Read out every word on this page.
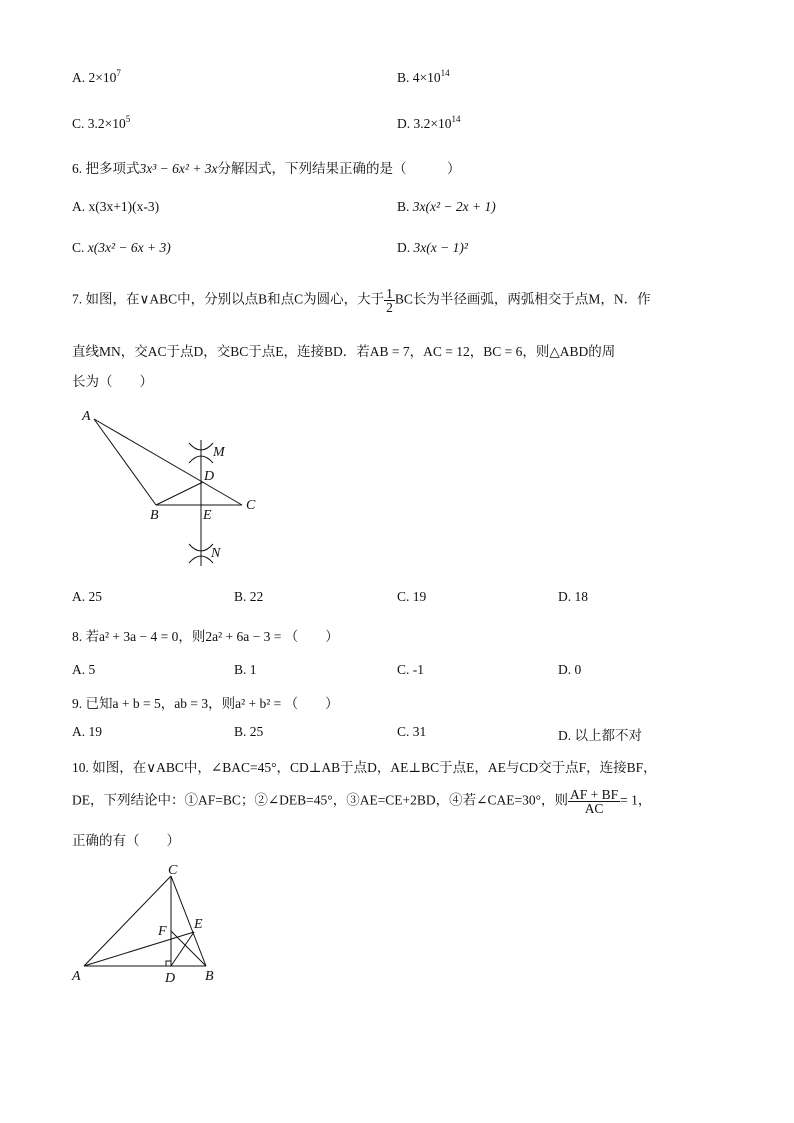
A. $2\times 10^7$	B. $4\times 10^{14}$
C. $3.2\times 10^5$	D. $3.2\times 10^{14}$
6. 把多项式3x³ − 6x² + 3x分解因式，下列结果正确的是（　　　）
A. x(3x+1)(x-3)	B. 3x(x² − 2x + 1)
C. x(3x² − 6x + 3)	D. 3x(x − 1)²
7. 如图，在∨ABC中，分别以点B和点C为圆心，大于 $\frac{1}{2}$ BC长为半径画弧，两弧相交于点M，N．作
直线MN，交AC于点D，交BC于点E，连接BD．若AB = 7，AC = 12，BC = 6，则△ABD的周
长为（　　）
A
B
C
D
E
M
N
A. 25	B. 22	C. 19	D. 18
8. 若a² + 3a − 4 = 0，则2a² + 6a − 3 = （　　）
A. 5	B. 1	C. -1	D. 0
9. 已知a + b = 5，ab = 3，则a² + b² = （　　）
A. 19	B. 25	C. 31	D. 以上都不对
10. 如图，在∨ABC中，∠BAC=45°，CD⊥AB于点D，AE⊥BC于点E，AE与CD交于点F，连接BF，
DE，下列结论中：①AF=BC；②∠DEB=45°，③AE=CE+2BD，④若∠CAE=30°，则 $\frac{AF + BF}{AC} = 1$，
正确的有（　　）
A	B
C
D
E
F
